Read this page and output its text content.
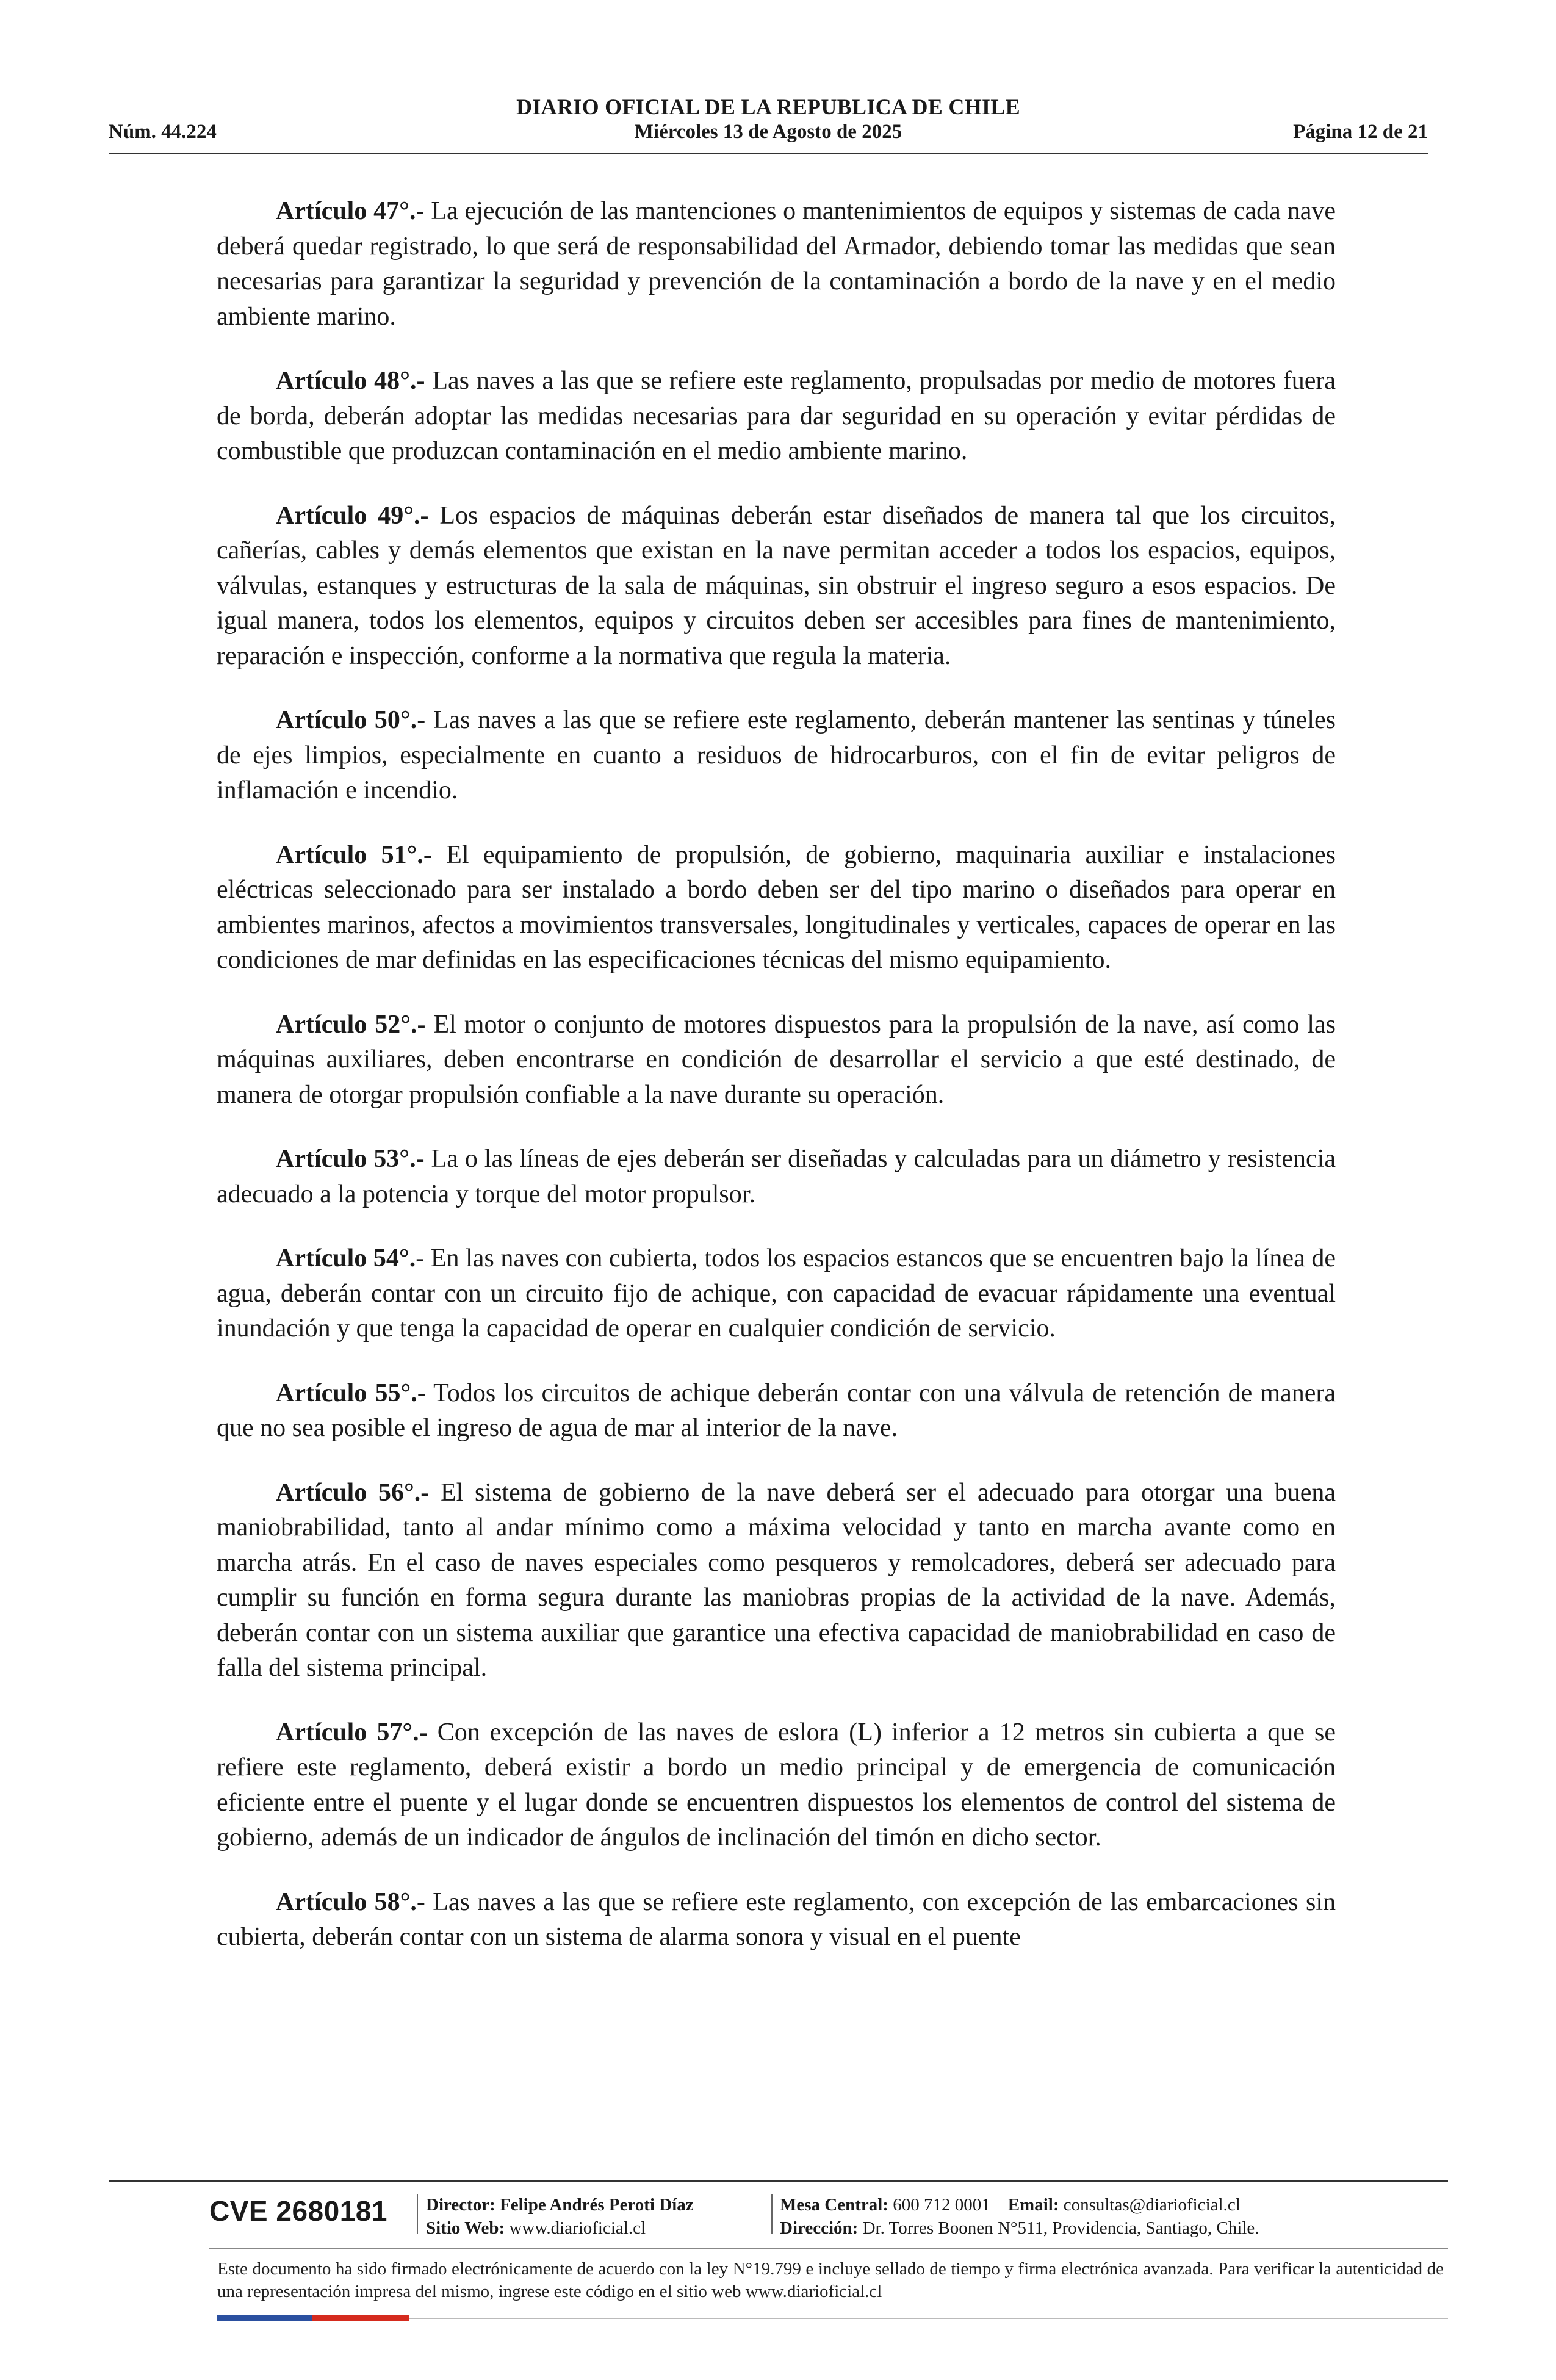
DIARIO OFICIAL DE LA REPUBLICA DE CHILE
Núm. 44.224	Miércoles 13 de Agosto de 2025	Página 12 de 21

Artículo 47°.- La ejecución de las mantenciones o mantenimientos de equipos y sistemas de cada nave deberá quedar registrado, lo que será de responsabilidad del Armador, debiendo tomar las medidas que sean necesarias para garantizar la seguridad y prevención de la contaminación a bordo de la nave y en el medio ambiente marino.

Artículo 48°.- Las naves a las que se refiere este reglamento, propulsadas por medio de motores fuera de borda, deberán adoptar las medidas necesarias para dar seguridad en su operación y evitar pérdidas de combustible que produzcan contaminación en el medio ambiente marino.

Artículo 49°.- Los espacios de máquinas deberán estar diseñados de manera tal que los circuitos, cañerías, cables y demás elementos que existan en la nave permitan acceder a todos los espacios, equipos, válvulas, estanques y estructuras de la sala de máquinas, sin obstruir el ingreso seguro a esos espacios. De igual manera, todos los elementos, equipos y circuitos deben ser accesibles para fines de mantenimiento, reparación e inspección, conforme a la normativa que regula la materia.

Artículo 50°.- Las naves a las que se refiere este reglamento, deberán mantener las sentinas y túneles de ejes limpios, especialmente en cuanto a residuos de hidrocarburos, con el fin de evitar peligros de inflamación e incendio.

Artículo 51°.- El equipamiento de propulsión, de gobierno, maquinaria auxiliar e instalaciones eléctricas seleccionado para ser instalado a bordo deben ser del tipo marino o diseñados para operar en ambientes marinos, afectos a movimientos transversales, longitudinales y verticales, capaces de operar en las condiciones de mar definidas en las especificaciones técnicas del mismo equipamiento.

Artículo 52°.- El motor o conjunto de motores dispuestos para la propulsión de la nave, así como las máquinas auxiliares, deben encontrarse en condición de desarrollar el servicio a que esté destinado, de manera de otorgar propulsión confiable a la nave durante su operación.

Artículo 53°.- La o las líneas de ejes deberán ser diseñadas y calculadas para un diámetro y resistencia adecuado a la potencia y torque del motor propulsor.

Artículo 54°.- En las naves con cubierta, todos los espacios estancos que se encuentren bajo la línea de agua, deberán contar con un circuito fijo de achique, con capacidad de evacuar rápidamente una eventual inundación y que tenga la capacidad de operar en cualquier condición de servicio.

Artículo 55°.- Todos los circuitos de achique deberán contar con una válvula de retención de manera que no sea posible el ingreso de agua de mar al interior de la nave.

Artículo 56°.- El sistema de gobierno de la nave deberá ser el adecuado para otorgar una buena maniobrabilidad, tanto al andar mínimo como a máxima velocidad y tanto en marcha avante como en marcha atrás. En el caso de naves especiales como pesqueros y remolcadores, deberá ser adecuado para cumplir su función en forma segura durante las maniobras propias de la actividad de la nave. Además, deberán contar con un sistema auxiliar que garantice una efectiva capacidad de maniobrabilidad en caso de falla del sistema principal.

Artículo 57°.- Con excepción de las naves de eslora (L) inferior a 12 metros sin cubierta a que se refiere este reglamento, deberá existir a bordo un medio principal y de emergencia de comunicación eficiente entre el puente y el lugar donde se encuentren dispuestos los elementos de control del sistema de gobierno, además de un indicador de ángulos de inclinación del timón en dicho sector.

Artículo 58°.- Las naves a las que se refiere este reglamento, con excepción de las embarcaciones sin cubierta, deberán contar con un sistema de alarma sonora y visual en el puente

CVE 2680181 Director: Felipe Andrés Peroti Díaz
Sitio Web: www.diarioficial.cl
Mesa Central: 600 712 0001 Email: consultas@diarioficial.cl
Dirección: Dr. Torres Boonen N°511, Providencia, Santiago, Chile.
Este documento ha sido firmado electrónicamente de acuerdo con la ley N°19.799 e incluye sellado de tiempo y firma electrónica avanzada. Para verificar la autenticidad de una representación impresa del mismo, ingrese este código en el sitio web www.diarioficial.cl
